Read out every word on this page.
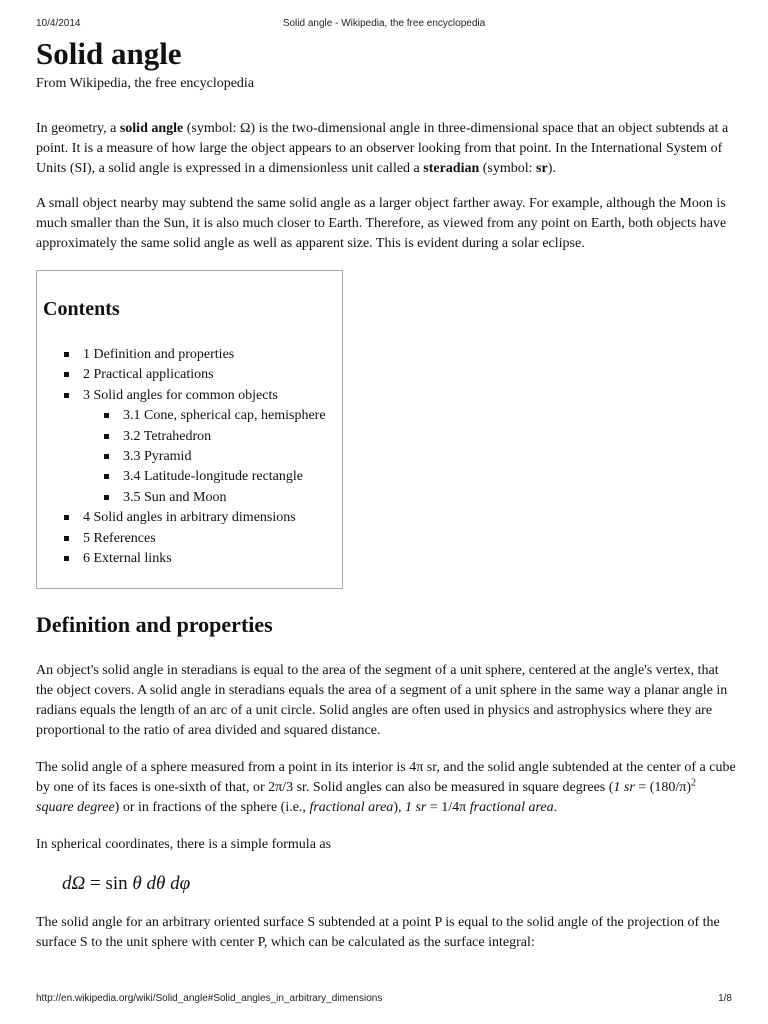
10/4/2014	Solid angle - Wikipedia, the free encyclopedia
Solid angle

From Wikipedia, the free encyclopedia

In geometry, a solid angle (symbol: Ω) is the two-dimensional angle in three-dimensional space that an object subtends at a point. It is a measure of how large the object appears to an observer looking from that point. In the International System of Units (SI), a solid angle is expressed in a dimensionless unit called a steradian (symbol: sr).

A small object nearby may subtend the same solid angle as a larger object farther away. For example, although the Moon is much smaller than the Sun, it is also much closer to Earth. Therefore, as viewed from any point on Earth, both objects have approximately the same solid angle as well as apparent size. This is evident during a solar eclipse.

Contents
1 Definition and properties
2 Practical applications
3 Solid angles for common objects
3.1 Cone, spherical cap, hemisphere
3.2 Tetrahedron
3.3 Pyramid
3.4 Latitude-longitude rectangle
3.5 Sun and Moon
4 Solid angles in arbitrary dimensions
5 References
6 External links
Definition and properties

An object's solid angle in steradians is equal to the area of the segment of a unit sphere, centered at the angle's vertex, that the object covers. A solid angle in steradians equals the area of a segment of a unit sphere in the same way a planar angle in radians equals the length of an arc of a unit circle. Solid angles are often used in physics and astrophysics where they are proportional to the ratio of area divided and squared distance.

The solid angle of a sphere measured from a point in its interior is 4π sr, and the solid angle subtended at the center of a cube by one of its faces is one-sixth of that, or 2π/3 sr. Solid angles can also be measured in square degrees (1 sr = $(180/\pi)^2$ square degree) or in fractions of the sphere (i.e., fractional area), 1 sr = 1/4π fractional area.

In spherical coordinates, there is a simple formula as

dΩ = sin θ dθ dφ

The solid angle for an arbitrary oriented surface S subtended at a point P is equal to the solid angle of the projection of the surface S to the unit sphere with center P, which can be calculated as the surface integral:

http://en.wikipedia.org/wiki/Solid_angle#Solid_angles_in_arbitrary_dimensions	1/8
